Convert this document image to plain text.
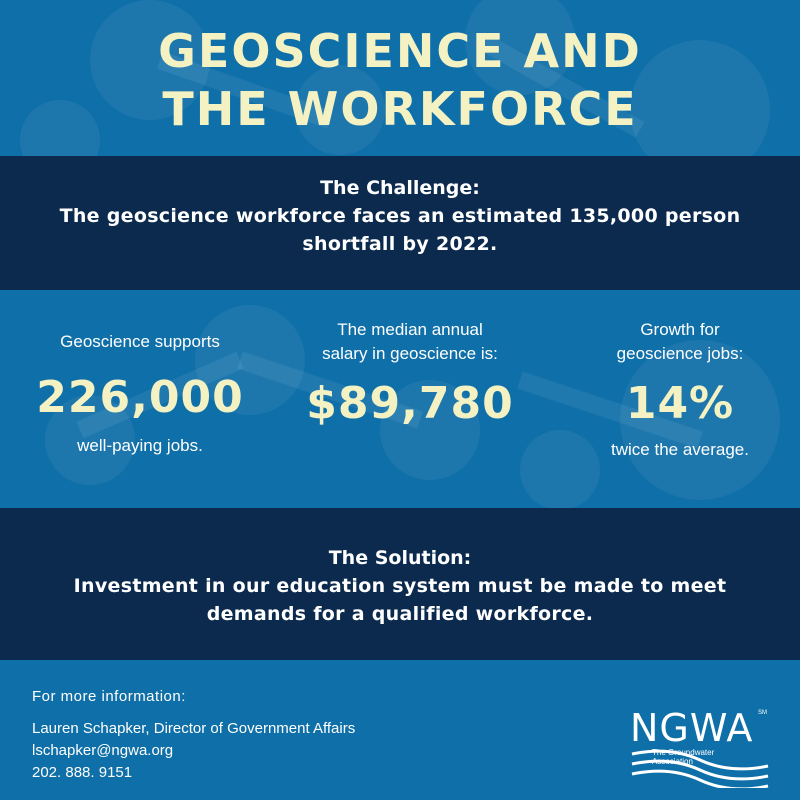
GEOSCIENCE AND
THE WORKFORCE
The Challenge:
The geoscience workforce faces an estimated 135,000 person
shortfall by 2022.
Geoscience supports
226,000
well-paying jobs.
The median annual
salary in geoscience is:
$89,780
Growth for
geoscience jobs:
14%
twice the average.
The Solution:
Investment in our education system must be made to meet
demands for a qualified workforce.
For more information:
Lauren Schapker, Director of Government Affairs
lschapker@ngwa.org
202. 888. 9151
NGWA SM
The Groundwater
Association
